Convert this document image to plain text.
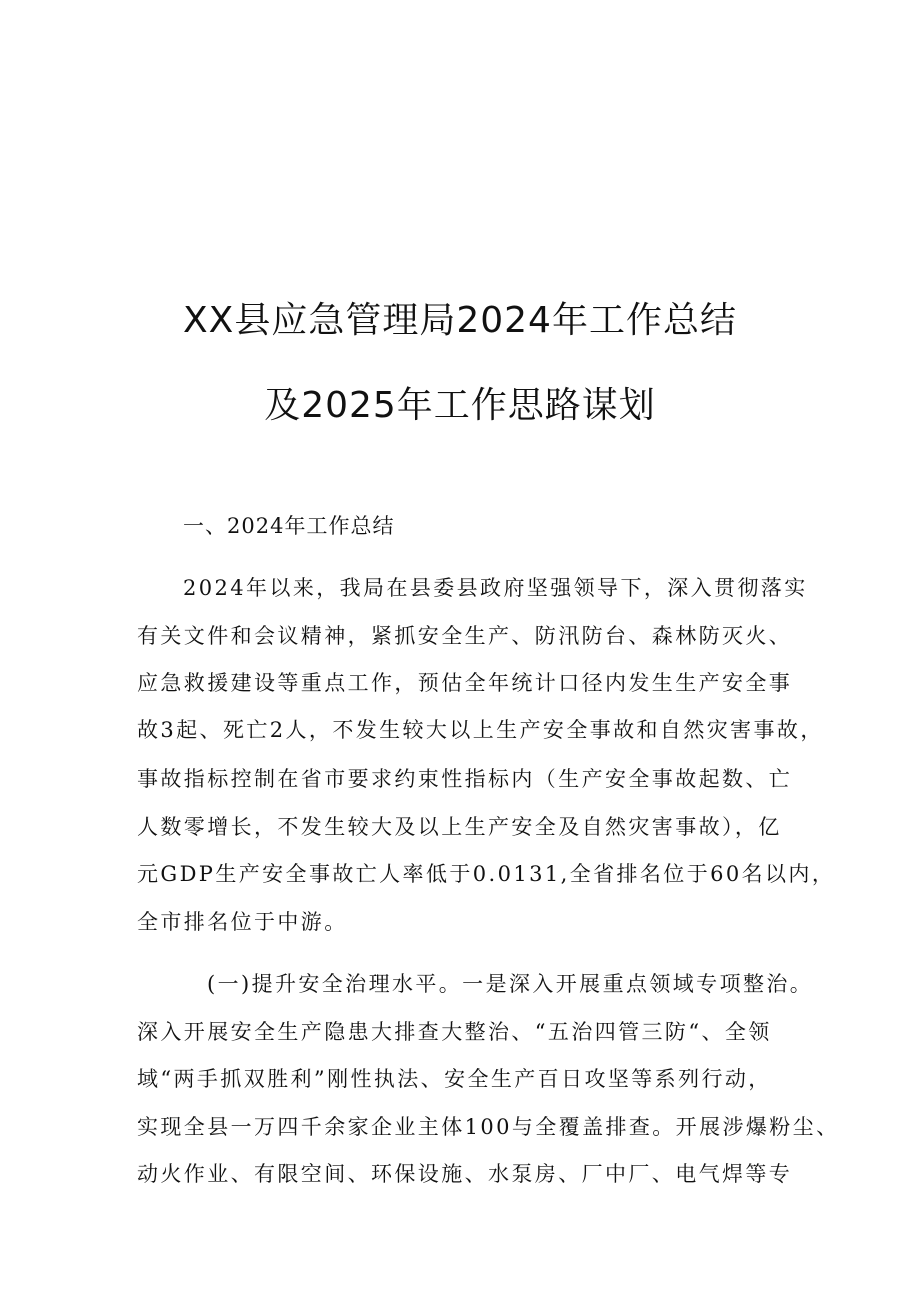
XX县应急管理局2024年工作总结
及2025年工作思路谋划
一、2024年工作总结
2024年以来，我局在县委县政府坚强领导下，深入贯彻落实
有关文件和会议精神，紧抓安全生产、防汛防台、森林防灭火、
应急救援建设等重点工作，预估全年统计口径内发生生产安全事
故3起、死亡2人，不发生较大以上生产安全事故和自然灾害事故，
事故指标控制在省市要求约束性指标内（生产安全事故起数、亡
人数零增长，不发生较大及以上生产安全及自然灾害事故），亿
元GDP生产安全事故亡人率低于0.0131,全省排名位于60名以内，
全市排名位于中游。
(一)提升安全治理水平。一是深入开展重点领域专项整治。
深入开展安全生产隐患大排查大整治、“五治四管三防“、全领
域“两手抓双胜利”刚性执法、安全生产百日攻坚等系列行动，
实现全县一万四千余家企业主体100与全覆盖排查。开展涉爆粉尘、
动火作业、有限空间、环保设施、水泵房、厂中厂、电气焊等专
